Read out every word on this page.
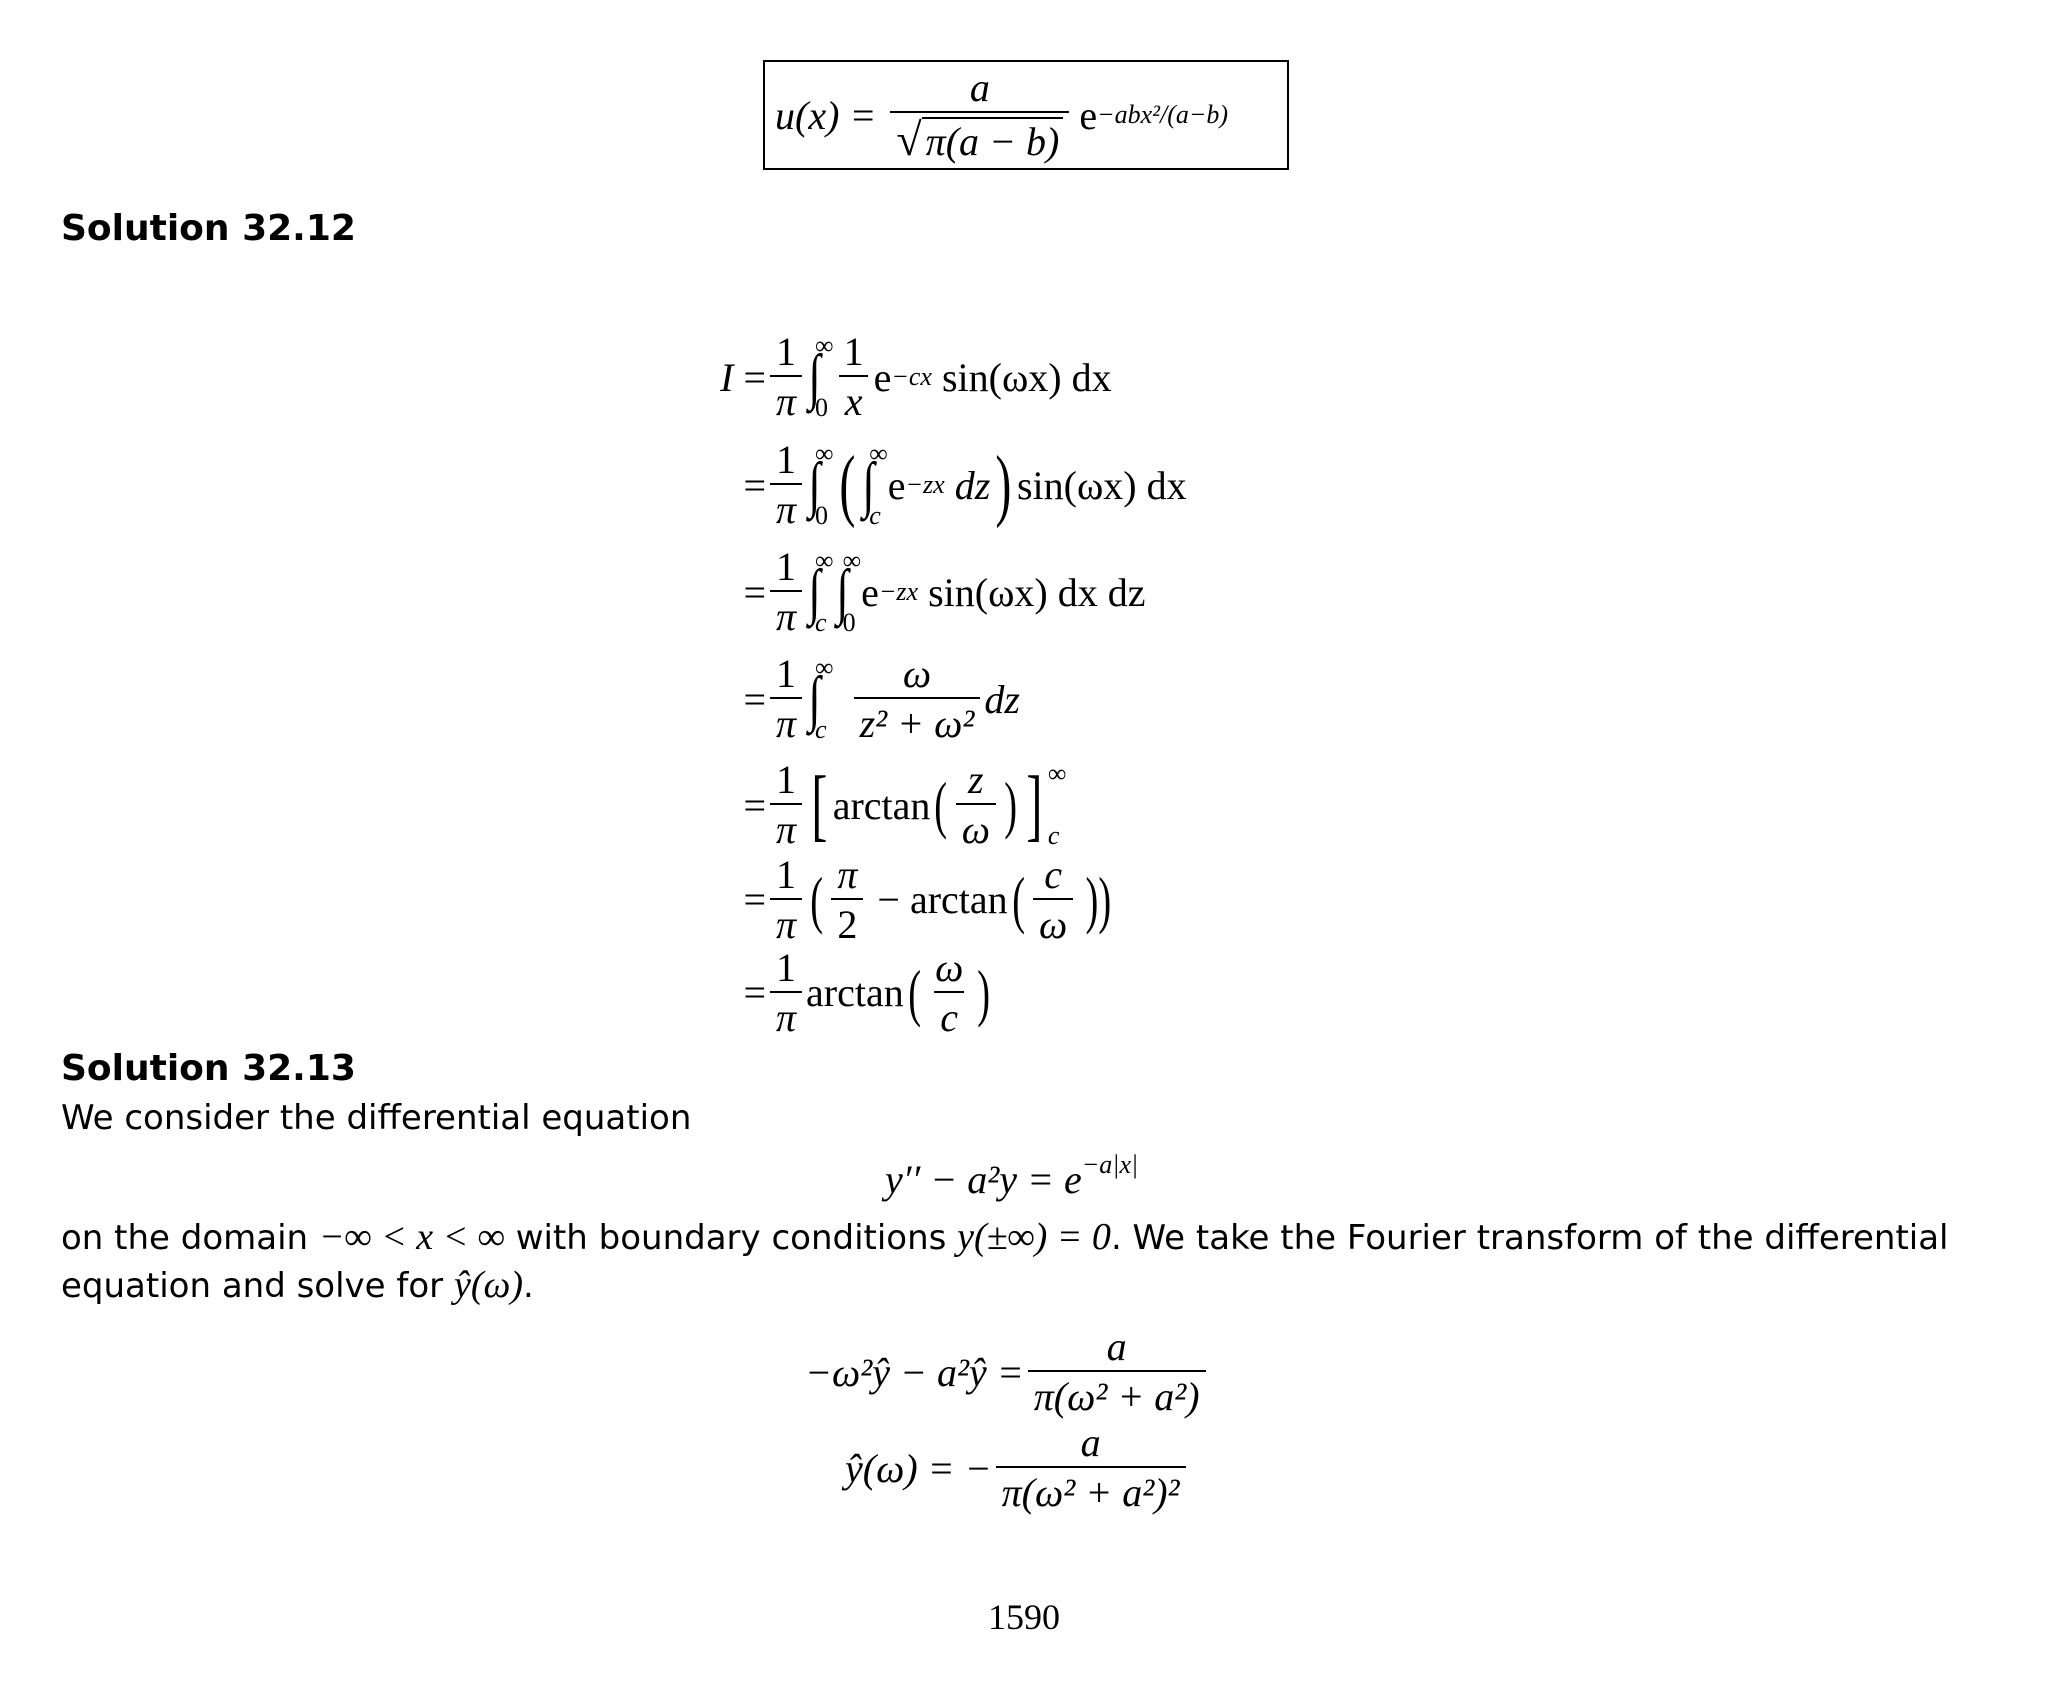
$u(x) = \frac{a}{√ \pi(a - b)}$ e −abx²/(a−b)
Solution 32.12
$I = \frac{1}{\pi}$ ∫
∞
$0 \frac{1}{x}$ e −cx sin(ωx) dx
= $\frac{1}{\pi}$ ∫
∞
0 ( ∫
∞
c
e −zx dz ) sin(ωx) dx
= $\frac{1}{\pi}$ ∫
∞
c ∫
∞
0
e −zx sin(ωx) dx dz
= $\frac{1}{\pi}$ ∫
∞
c $\frac{\omega}{\text{z² + ω²}}$ dz
= $\frac{1}{\pi}$ [ arctan ( $\frac{z}{\omega}$ ) ] ∞
c
= $\frac{1}{\pi}$ ( $\frac{\pi}{2} - \arctan$ ( $\frac{c}{\omega}$ ))
= $\frac{1}{\pi}$ arctan ( $\frac{\omega}{c}$ )
Solution 32.13
We consider the differential equation
$y'' - a^2y = e^{-a|x|}$
on the domain −∞ < x < ∞ with boundary conditions y(±∞) = 0. We take the Fourier transform of the differential
equation and solve for ŷ(ω).
−ω²ŷ − a²ŷ = $\frac{a}{\text{π(ω² + a²)}}$
ŷ(ω) = − $\frac{a}{\text{π(ω² + a²)²}}$
1590
